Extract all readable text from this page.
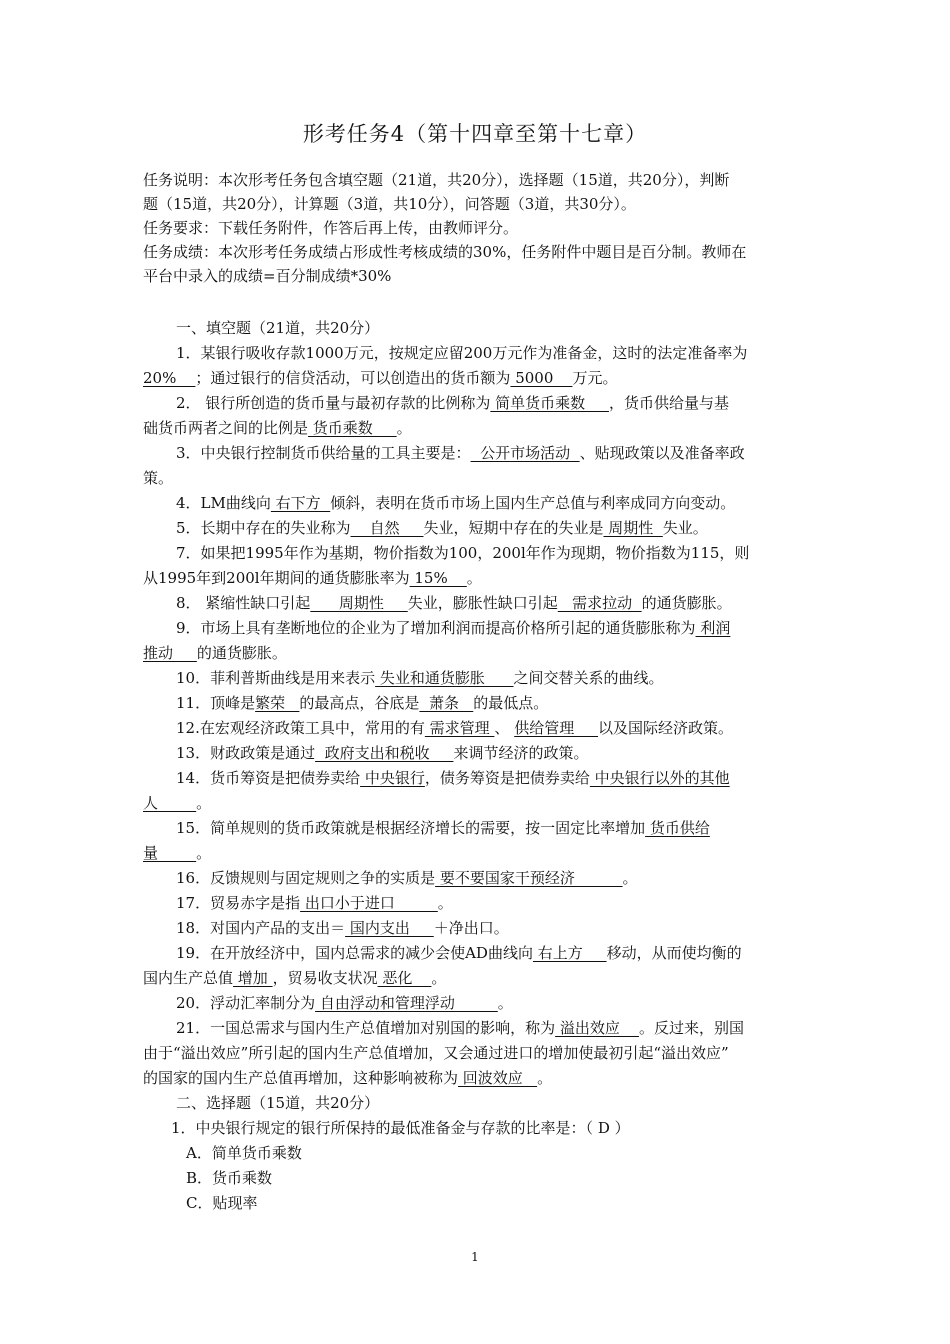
形考任务4（第十四章至第十七章）
任务说明：本次形考任务包含填空题（21道，共20分），选择题（15道，共20分），判断
题（15道，共20分），计算题（3道，共10分），问答题（3道，共30分）。
任务要求：下载任务附件，作答后再上传，由教师评分。
任务成绩：本次形考任务成绩占形成性考核成绩的30%，任务附件中题目是百分制。教师在
平台中录入的成绩=百分制成绩*30%
一、填空题（21道，共20分）
1．某银行吸收存款1000万元，按规定应留200万元作为准备金，这时的法定准备率为
20%    ；通过银行的信贷活动，可以创造出的货币额为 5000    万元。
2． 银行所创造的货币量与最初存款的比例称为 简单货币乘数     ，货币供给量与基
础货币两者之间的比例是 货币乘数     。
3．中央银行控制货币供给量的工具主要是：  公开市场活动  、贴现政策以及准备率政
策。
4．LM曲线向 右下方  倾斜，表明在货币市场上国内生产总值与利率成同方向变动。
5．长期中存在的失业称为    自然     失业，短期中存在的失业是 周期性  失业。
7．如果把1995年作为基期，物价指数为100，200l年作为现期，物价指数为115，则
从1995年到200l年期间的通货膨胀率为 15%    。
8． 紧缩性缺口引起      周期性     失业，膨胀性缺口引起   需求拉动  的通货膨胀。
9．市场上具有垄断地位的企业为了增加利润而提高价格所引起的通货膨胀称为 利润
推动     的通货膨胀。
10．菲利普斯曲线是用来表示 失业和通货膨胀      之间交替关系的曲线。
11．顶峰是繁荣   的最高点，谷底是  萧条   的最低点。
12.在宏观经济政策工具中，常用的有 需求管理 、 供给管理     以及国际经济政策。
13．财政政策是通过  政府支出和税收     来调节经济的政策。
14．货币筹资是把债券卖给 中央银行，债务筹资是把债券卖给 中央银行以外的其他
人        。
15．简单规则的货币政策就是根据经济增长的需要，按一固定比率增加 货币供给
量        。
16．反馈规则与固定规则之争的实质是 要不要国家干预经济          。
17．贸易赤字是指 出口小于进口         。
18．对国内产品的支出＝ 国内支出     ＋净出口。
19．在开放经济中，国内总需求的减少会使AD曲线向 右上方     移动，从而使均衡的
国内生产总值 增加 ，贸易收支状况 恶化    。
20．浮动汇率制分为 自由浮动和管理浮动         。
21．一国总需求与国内生产总值增加对别国的影响，称为 溢出效应    。反过来，别国
由于“溢出效应”所引起的国内生产总值增加，又会通过进口的增加使最初引起“溢出效应”
的国家的国内生产总值再增加，这种影响被称为 回波效应   。
二、选择题（15道，共20分）
1．中央银行规定的银行所保持的最低准备金与存款的比率是：（ D ）
A．简单货币乘数
B．货币乘数
C．贴现率
1
